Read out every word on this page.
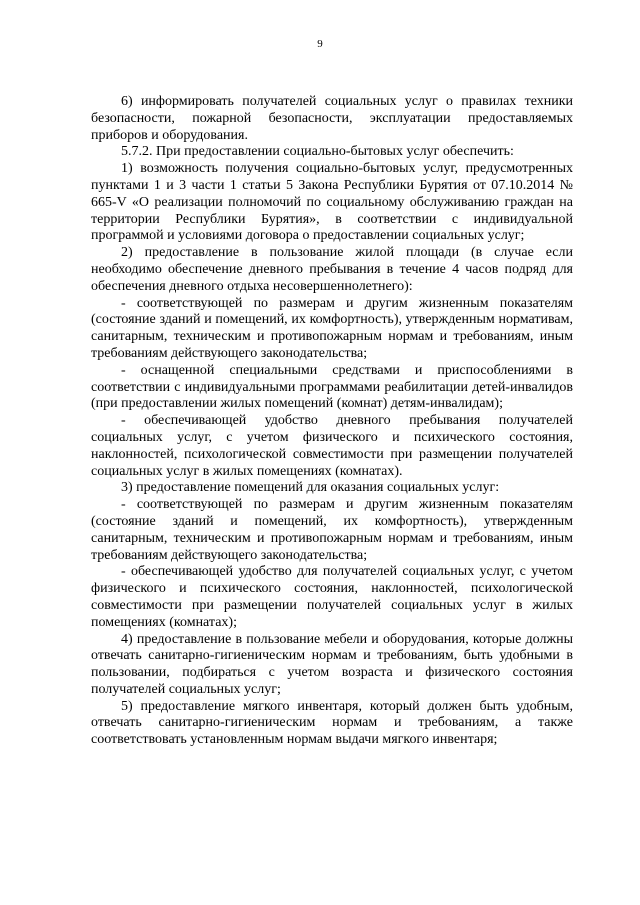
9

6) информировать получателей социальных услуг о правилах техники безопасности, пожарной безопасности, эксплуатации предоставляемых приборов и оборудования.

5.7.2. При предоставлении социально-бытовых услуг обеспечить:

1) возможность получения социально-бытовых услуг, предусмотренных пунктами 1 и 3 части 1 статьи 5 Закона Республики Бурятия от 07.10.2014 № 665-V «О реализации полномочий по социальному обслуживанию граждан на территории Республики Бурятия», в соответствии с индивидуальной программой и условиями договора о предоставлении социальных услуг;

2) предоставление в пользование жилой площади (в случае если необходимо обеспечение дневного пребывания в течение 4 часов подряд для обеспечения дневного отдыха несовершеннолетнего):

- соответствующей по размерам и другим жизненным показателям (состояние зданий и помещений, их комфортность), утвержденным нормативам, санитарным, техническим и противопожарным нормам и требованиям, иным требованиям действующего законодательства;

- оснащенной специальными средствами и приспособлениями в соответствии с индивидуальными программами реабилитации детей-инвалидов (при предоставлении жилых помещений (комнат) детям-инвалидам);

- обеспечивающей удобство дневного пребывания получателей социальных услуг, с учетом физического и психического состояния, наклонностей, психологической совместимости при размещении получателей социальных услуг в жилых помещениях (комнатах).

3) предоставление помещений для оказания социальных услуг:

- соответствующей по размерам и другим жизненным показателям (состояние зданий и помещений, их комфортность), утвержденным санитарным, техническим и противопожарным нормам и требованиям, иным требованиям действующего законодательства;

- обеспечивающей удобство для получателей социальных услуг, с учетом физического и психического состояния, наклонностей, психологической совместимости при размещении получателей социальных услуг в жилых помещениях (комнатах);

4) предоставление в пользование мебели и оборудования, которые должны отвечать санитарно-гигиеническим нормам и требованиям, быть удобными в пользовании, подбираться с учетом возраста и физического состояния получателей социальных услуг;

5) предоставление мягкого инвентаря, который должен быть удобным, отвечать санитарно-гигиеническим нормам и требованиям, а также соответствовать установленным нормам выдачи мягкого инвентаря;
